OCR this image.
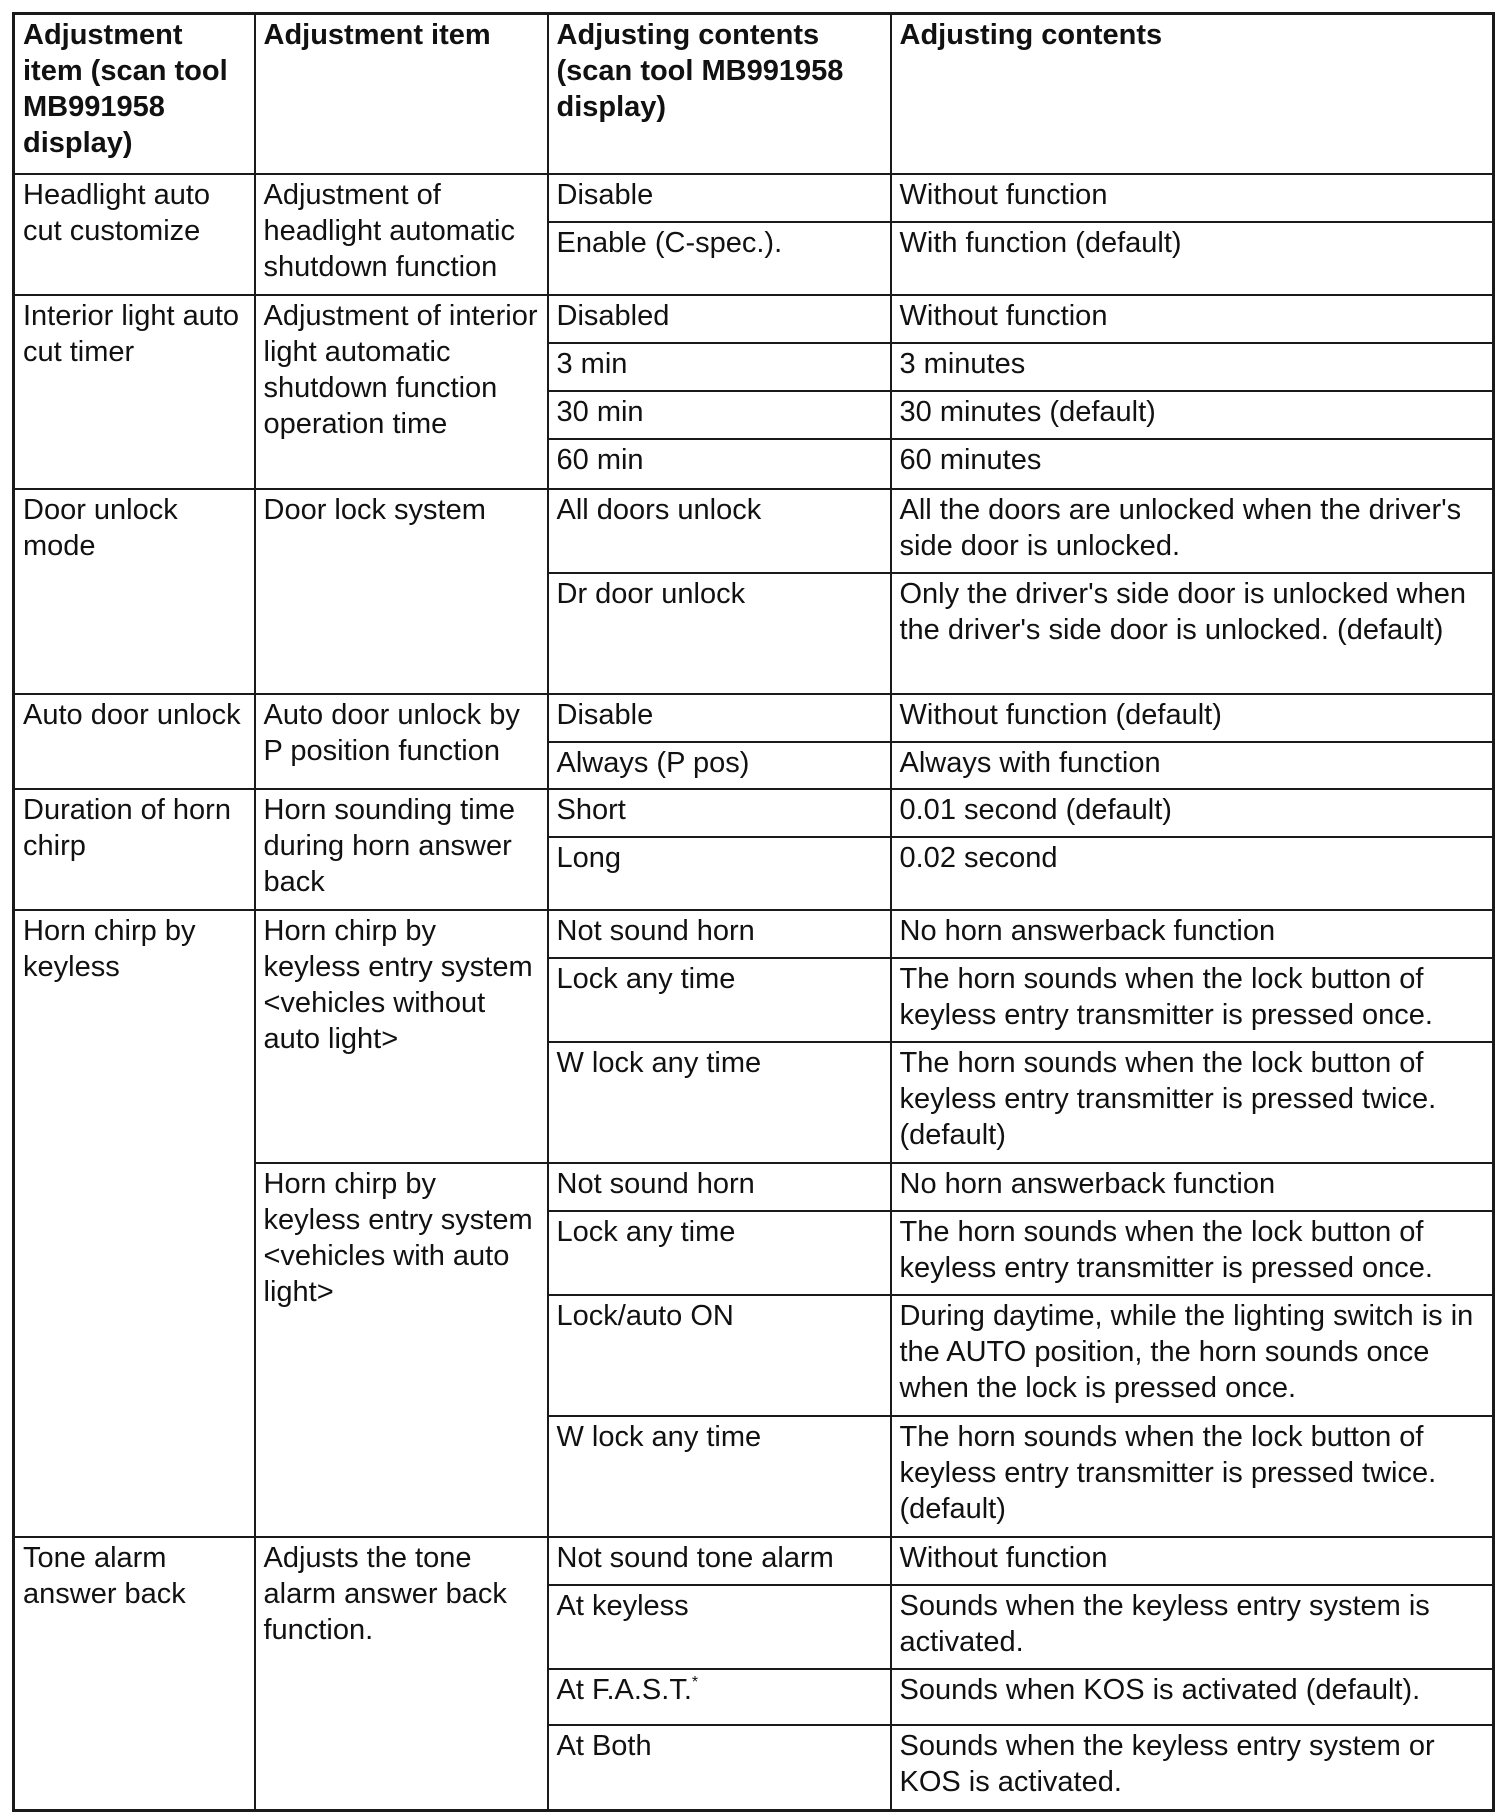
Adjustment item (scan tool MB991958 display)	Adjustment item	Adjusting contents (scan tool MB991958 display)	Adjusting contents
Headlight auto cut customize	Adjustment of headlight automatic shutdown function	Disable	Without function
		Enable (C-spec.).	With function (default)
Interior light auto cut timer	Adjustment of interior light automatic shutdown function operation time	Disabled	Without function
		3 min	3 minutes
		30 min	30 minutes (default)
		60 min	60 minutes
Door unlock mode	Door lock system	All doors unlock	All the doors are unlocked when the driver's side door is unlocked.
		Dr door unlock	Only the driver's side door is unlocked when the driver's side door is unlocked. (default)
Auto door unlock	Auto door unlock by P position function	Disable	Without function (default)
		Always (P pos)	Always with function
Duration of horn chirp	Horn sounding time during horn answer back	Short	0.01 second (default)
		Long	0.02 second
Horn chirp by keyless	Horn chirp by keyless entry system <vehicles without auto light>	Not sound horn	No horn answerback function
		Lock any time	The horn sounds when the lock button of keyless entry transmitter is pressed once.
		W lock any time	The horn sounds when the lock button of keyless entry transmitter is pressed twice. (default)
	Horn chirp by keyless entry system <vehicles with auto light>	Not sound horn	No horn answerback function
		Lock any time	The horn sounds when the lock button of keyless entry transmitter is pressed once.
		Lock/auto ON	During daytime, while the lighting switch is in the AUTO position, the horn sounds once when the lock is pressed once.
		W lock any time	The horn sounds when the lock button of keyless entry transmitter is pressed twice. (default)
Tone alarm answer back	Adjusts the tone alarm answer back function.	Not sound tone alarm	Without function
		At keyless	Sounds when the keyless entry system is activated.
		At F.A.S.T.*	Sounds when KOS is activated (default).
		At Both	Sounds when the keyless entry system or KOS is activated.
